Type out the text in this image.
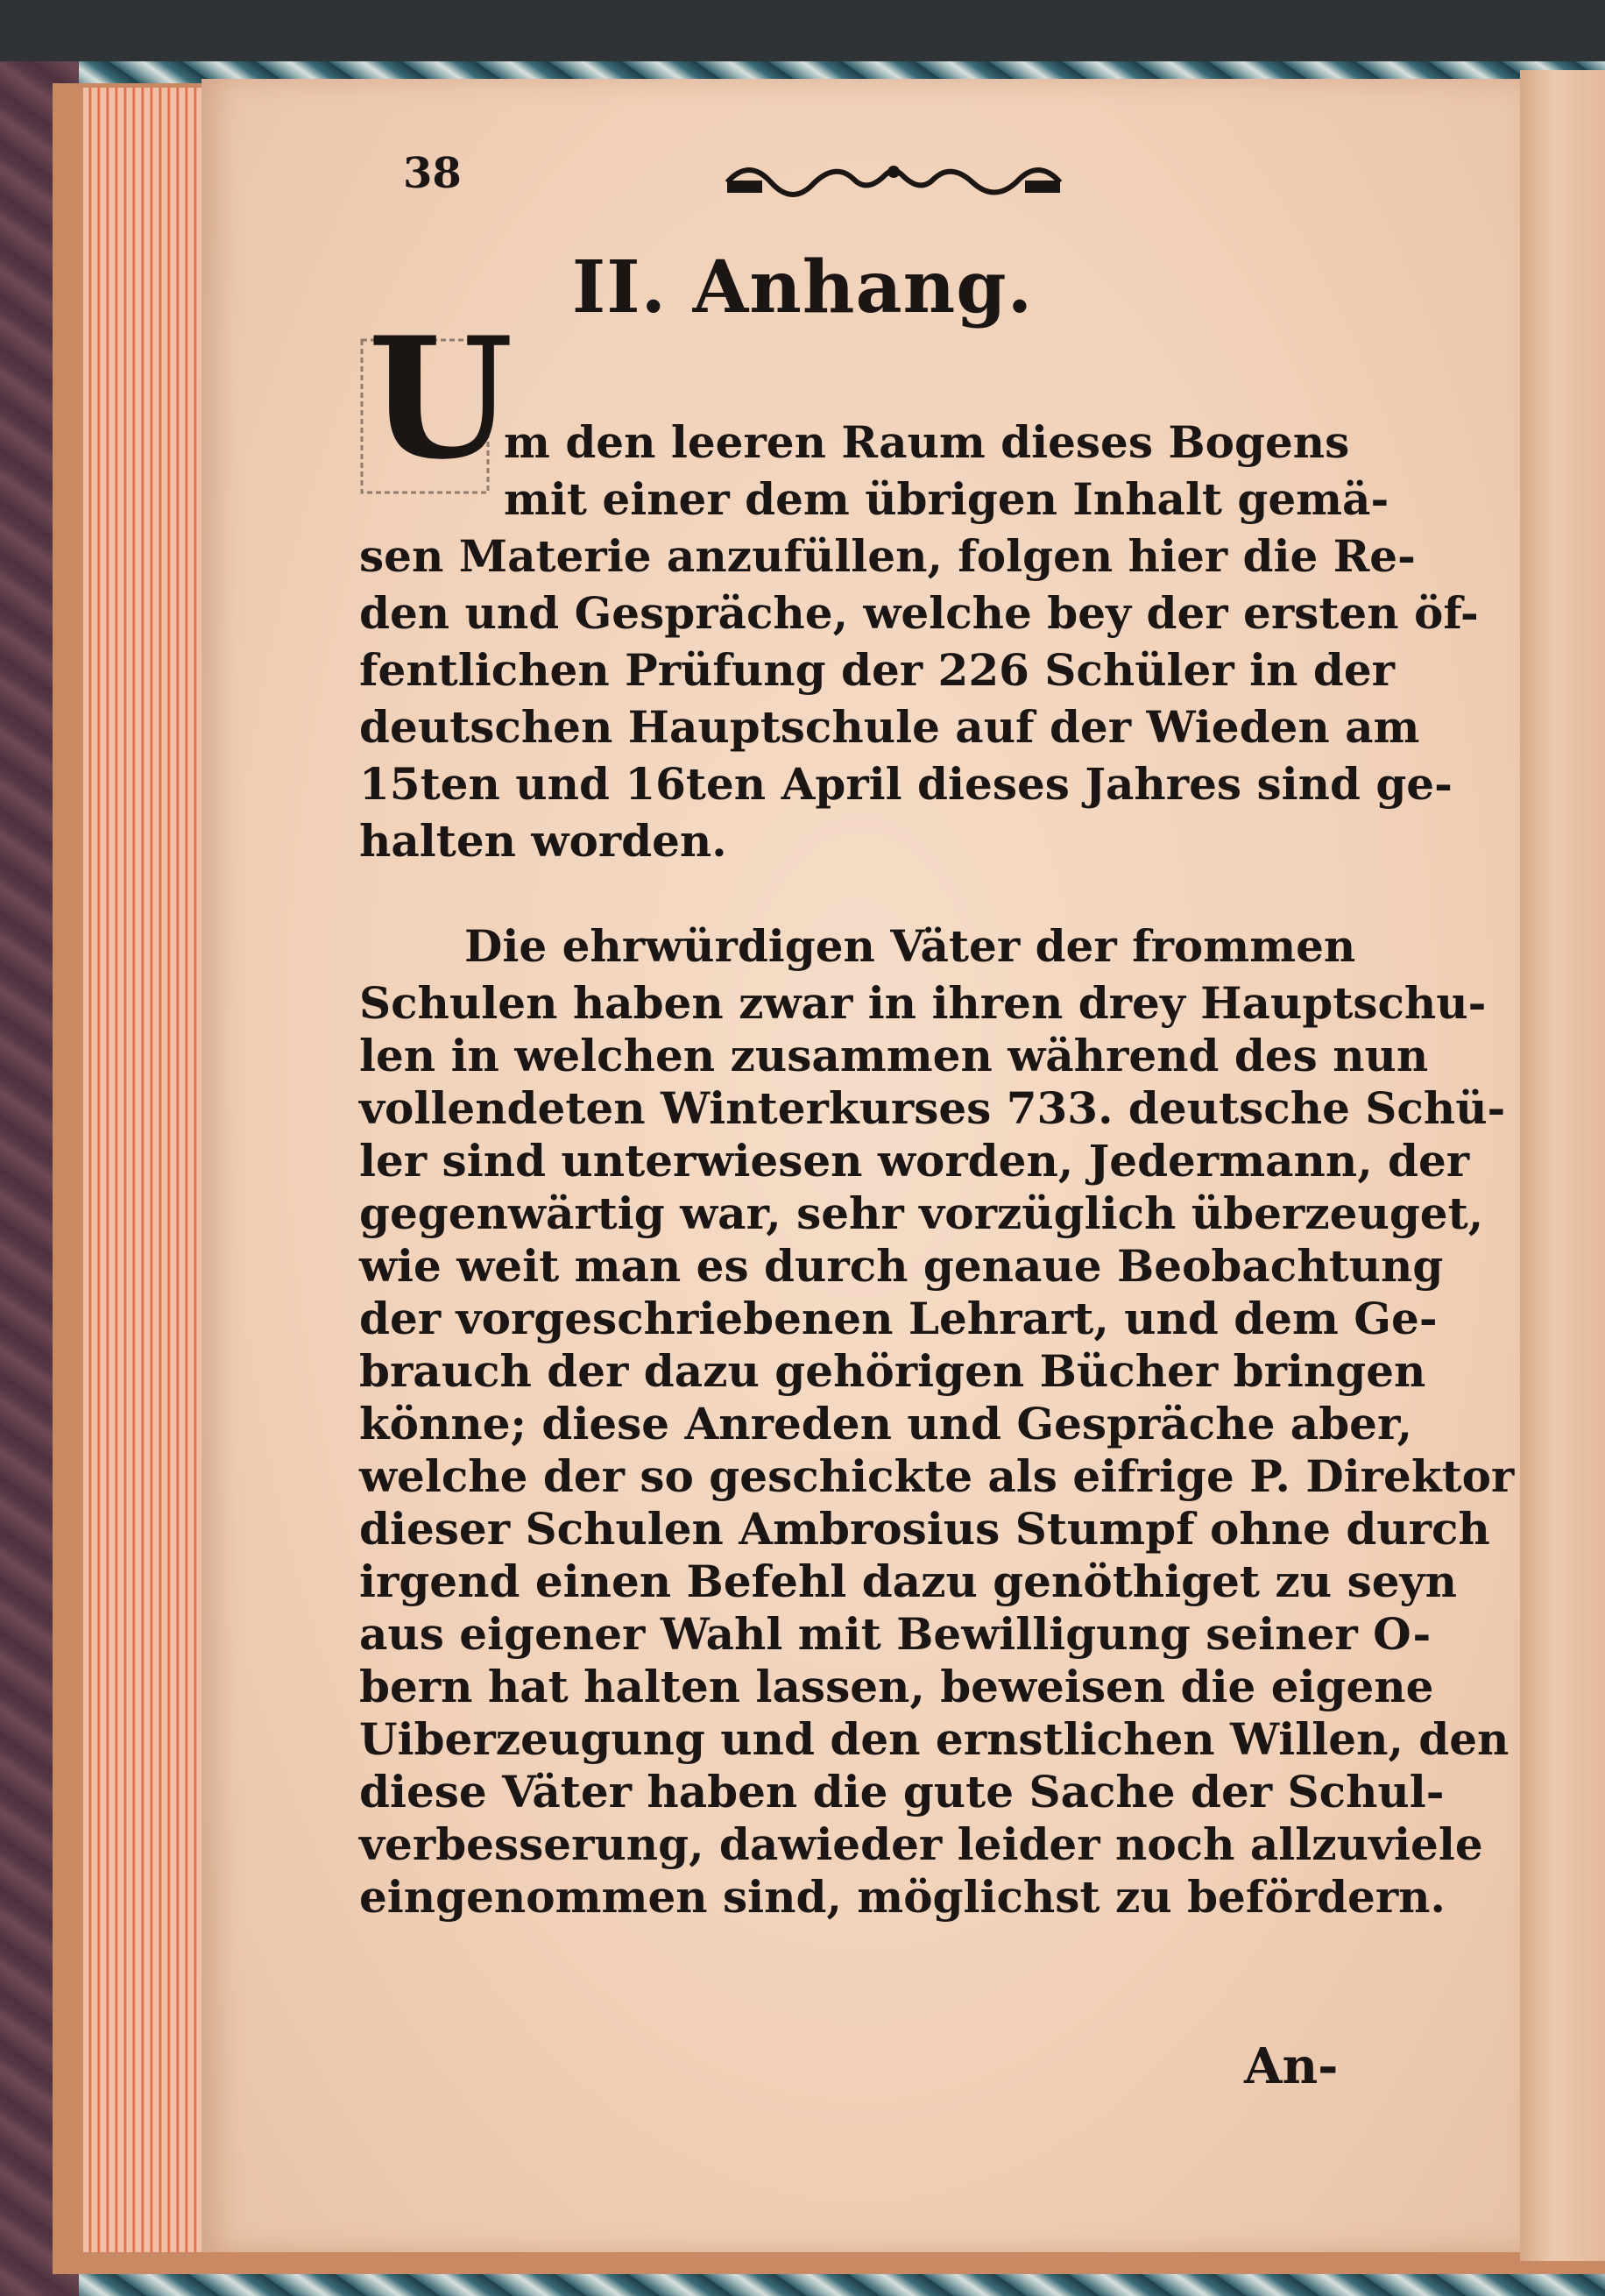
38
II. Anhang.
U
m den leeren Raum dieses Bogens
mit einer dem übrigen Inhalt gemä-
sen Materie anzufüllen, folgen hier die Re-
den und Gespräche, welche bey der ersten öf-
fentlichen Prüfung der 226 Schüler in der
deutschen Hauptschule auf der Wieden am
15ten und 16ten April dieses Jahres sind ge-
halten worden.
Die ehrwürdigen Väter der frommen
Schulen haben zwar in ihren drey Hauptschu-
len in welchen zusammen während des nun
vollendeten Winterkurses 733. deutsche Schü-
ler sind unterwiesen worden, Jedermann, der
gegenwärtig war, sehr vorzüglich überzeuget,
wie weit man es durch genaue Beobachtung
der vorgeschriebenen Lehrart, und dem Ge-
brauch der dazu gehörigen Bücher bringen
könne; diese Anreden und Gespräche aber,
welche der so geschickte als eifrige P. Direktor
dieser Schulen Ambrosius Stumpf ohne durch
irgend einen Befehl dazu genöthiget zu seyn
aus eigener Wahl mit Bewilligung seiner O-
bern hat halten lassen, beweisen die eigene
Uiberzeugung und den ernstlichen Willen, den
diese Väter haben die gute Sache der Schul-
verbesserung, dawieder leider noch allzuviele
eingenommen sind, möglichst zu befördern.
An-
